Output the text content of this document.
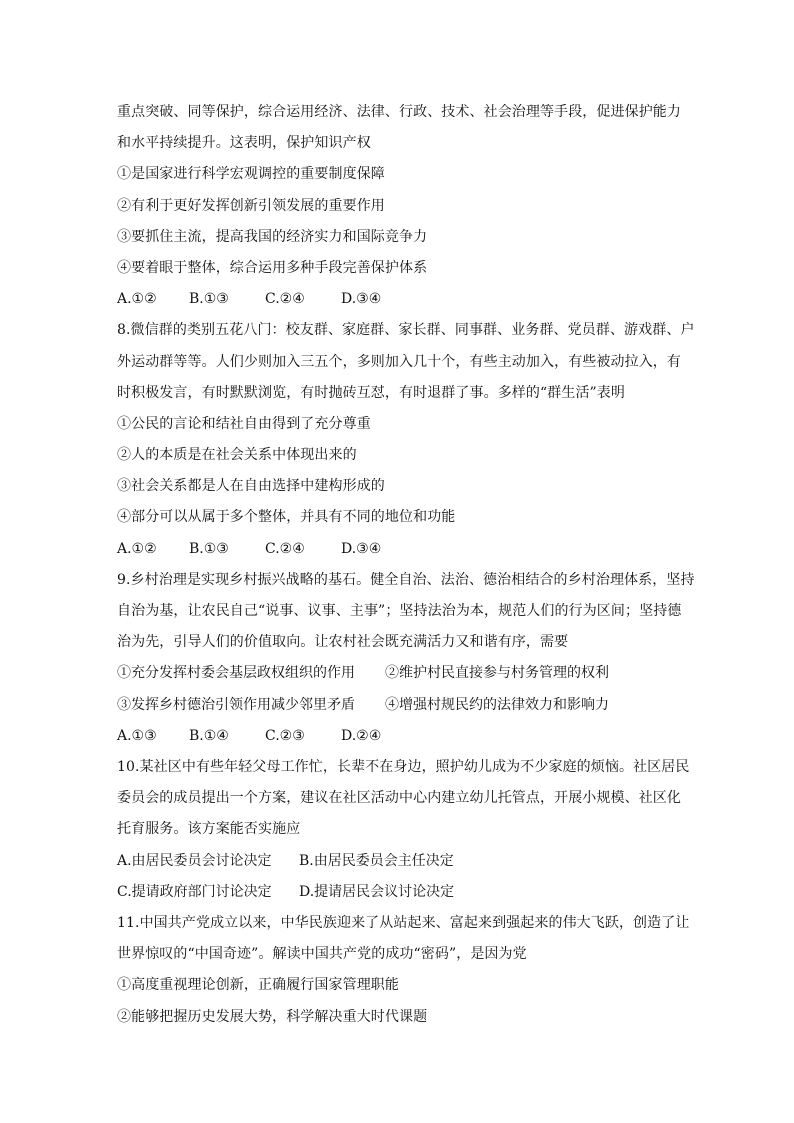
重点突破、同等保护，综合运用经济、法律、行政、技术、社会治理等手段，促进保护能力
和水平持续提升。这表明，保护知识产权
①是国家进行科学宏观调控的重要制度保障
②有利于更好发挥创新引领发展的重要作用
③要抓住主流，提高我国的经济实力和国际竞争力
④要着眼于整体，综合运用多种手段完善保护体系
A.①② B.①③	C.②④	D.③④
8.微信群的类别五花八门：校友群、家庭群、家长群、同事群、业务群、党员群、游戏群、户
外运动群等等。人们少则加入三五个，多则加入几十个，有些主动加入，有些被动拉入，有
时积极发言，有时默默浏览，有时抛砖互怼，有时退群了事。多样的“群生活”表明
①公民的言论和结社自由得到了充分尊重
②人的本质是在社会关系中体现出来的
③社会关系都是人在自由选择中建构形成的
④部分可以从属于多个整体，并具有不同的地位和功能
A.①② B.①③	C.②④	D.③④
9.乡村治理是实现乡村振兴战略的基石。健全自治、法治、德治相结合的乡村治理体系，坚持
自治为基，让农民自己“说事、议事、主事”；坚持法治为本，规范人们的行为区间；坚持德
治为先，引导人们的价值取向。让农村社会既充满活力又和谐有序，需要
①充分发挥村委会基层政权组织的作用 ②维护村民直接参与村务管理的权利
③发挥乡村德治引领作用减少邻里矛盾 ④增强村规民约的法律效力和影响力
A.①③ B.①④	C.②③	D.②④
10.某社区中有些年轻父母工作忙，长辈不在身边，照护幼儿成为不少家庭的烦恼。社区居民
委员会的成员提出一个方案，建议在社区活动中心内建立幼儿托管点，开展小规模、社区化
托育服务。该方案能否实施应
A.由居民委员会讨论决定 B.由居民委员会主任决定
C.提请政府部门讨论决定 D.提请居民会议讨论决定
11.中国共产党成立以来，中华民族迎来了从站起来、富起来到强起来的伟大飞跃，创造了让
世界惊叹的“中国奇迹”。解读中国共产党的成功“密码”，是因为党
①高度重视理论创新，正确履行国家管理职能
②能够把握历史发展大势，科学解决重大时代课题
